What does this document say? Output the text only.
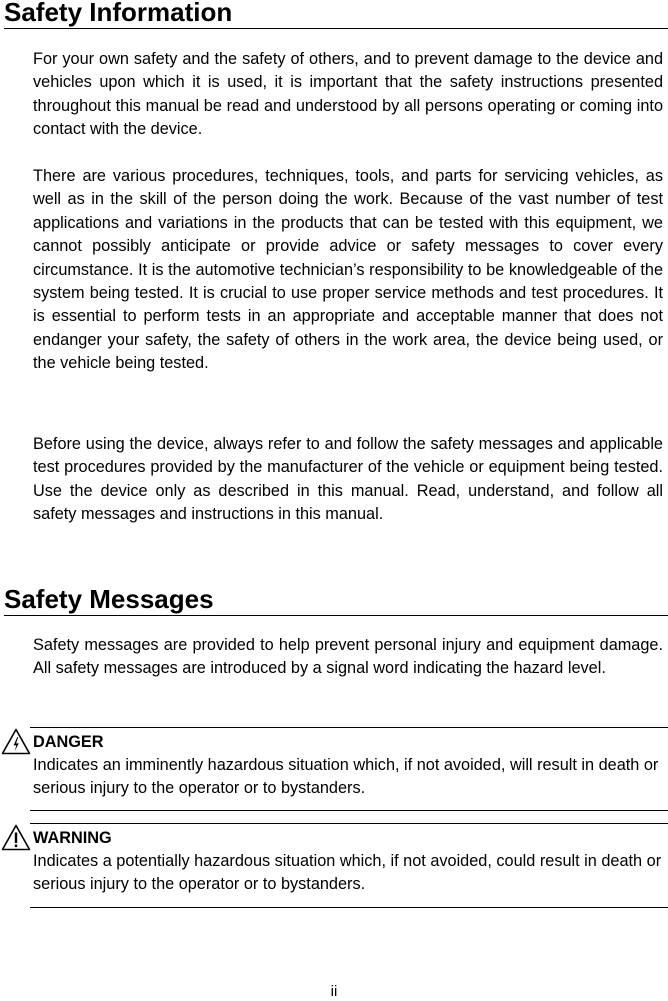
Safety Information

For your own safety and the safety of others, and to prevent damage to the device and vehicles upon which it is used, it is important that the safety instructions presented throughout this manual be read and understood by all persons operating or coming into contact with the device.

There are various procedures, techniques, tools, and parts for servicing vehicles, as well as in the skill of the person doing the work. Because of the vast number of test applications and variations in the products that can be tested with this equipment, we cannot possibly anticipate or provide advice or safety messages to cover every circumstance. It is the automotive technician’s responsibility to be knowledgeable of the system being tested. It is crucial to use proper service methods and test procedures. It is essential to perform tests in an appropriate and acceptable manner that does not endanger your safety, the safety of others in the work area, the device being used, or the vehicle being tested.

Before using the device, always refer to and follow the safety messages and applicable test procedures provided by the manufacturer of the vehicle or equipment being tested. Use the device only as described in this manual. Read, understand, and follow all safety messages and instructions in this manual.

Safety Messages

Safety messages are provided to help prevent personal injury and equipment damage. All safety messages are introduced by a signal word indicating the hazard level.

DANGER
Indicates an imminently hazardous situation which, if not avoided, will result in death or serious injury to the operator or to bystanders.
WARNING
Indicates a potentially hazardous situation which, if not avoided, could result in death or serious injury to the operator or to bystanders.
ii
